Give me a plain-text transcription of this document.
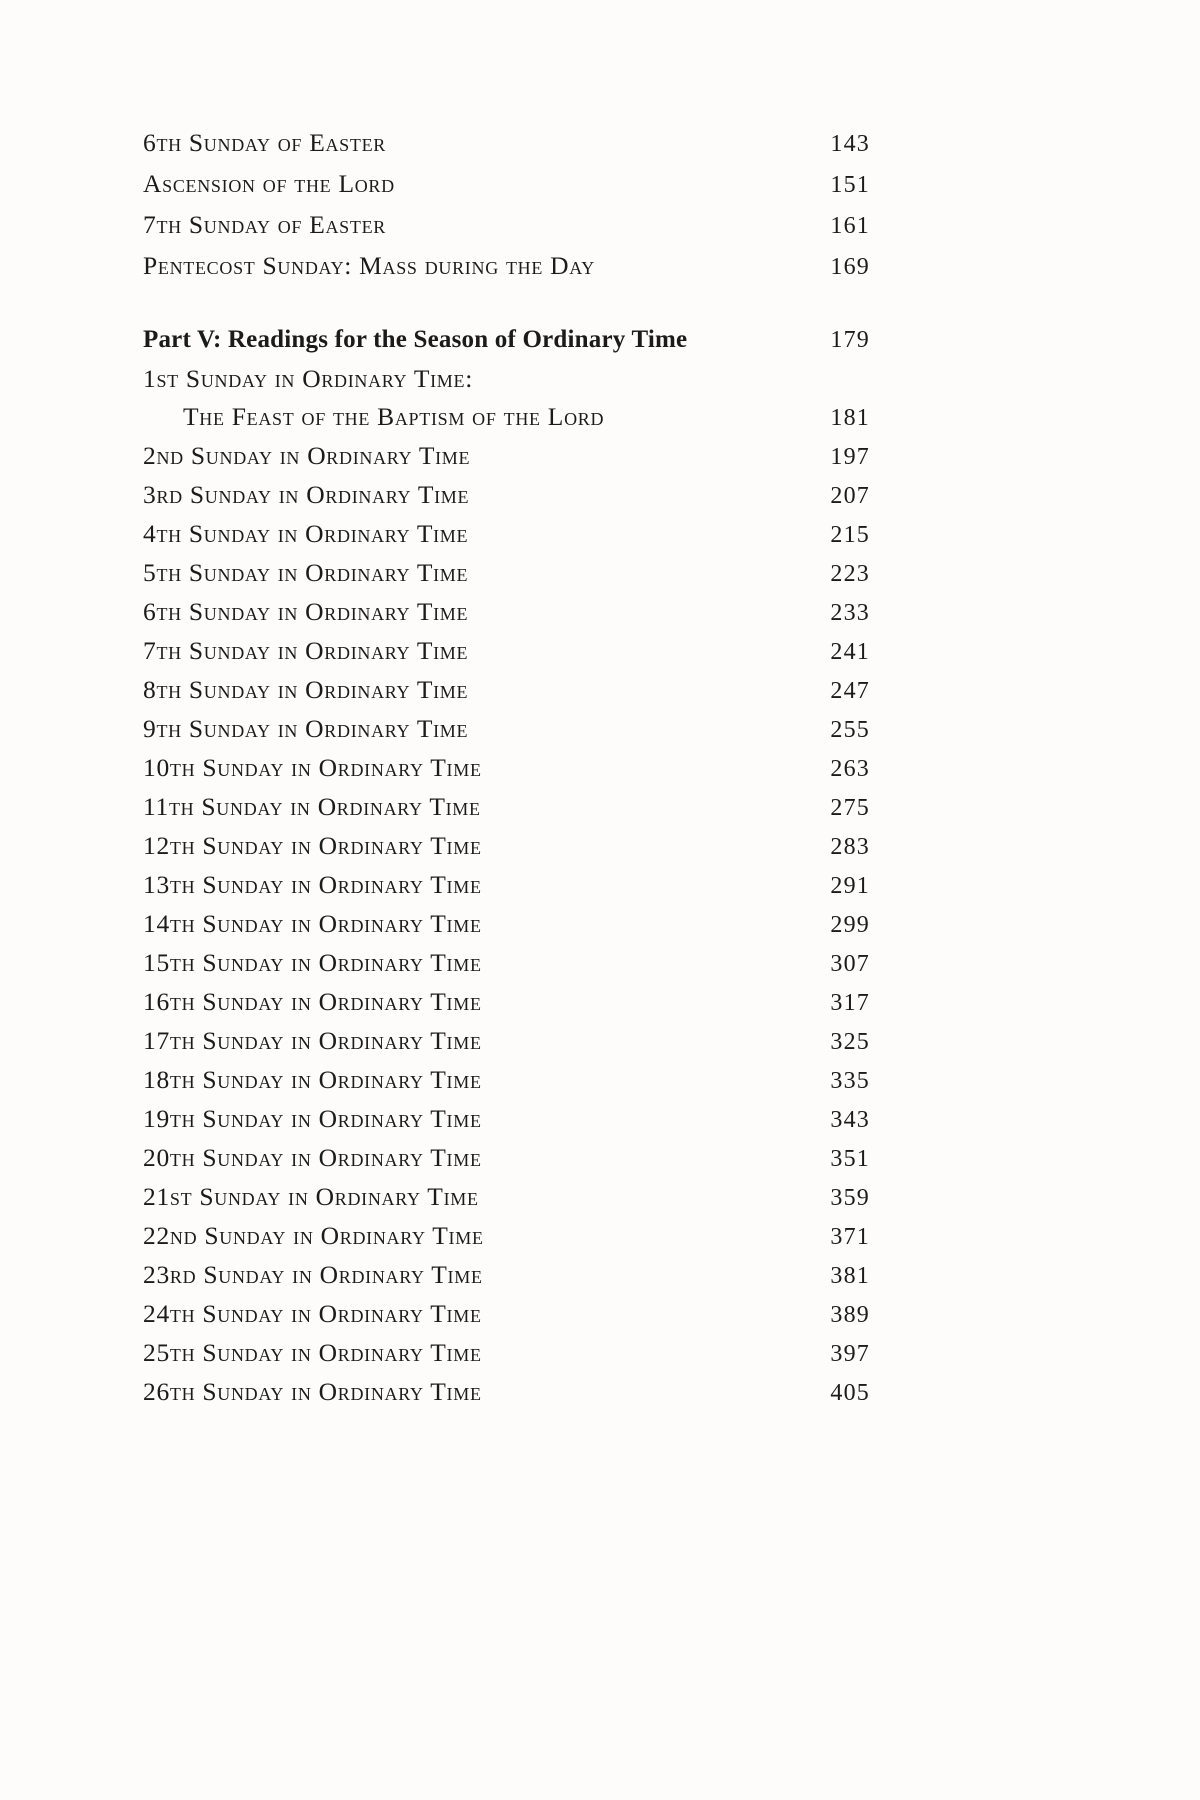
6th Sunday of Easter	143
Ascension of the Lord	151
7th Sunday of Easter	161
Pentecost Sunday: Mass during the Day	169
Part V: Readings for the Season of Ordinary Time	179
1st Sunday in Ordinary Time:
The Feast of the Baptism of the Lord	181
2nd Sunday in Ordinary Time	197
3rd Sunday in Ordinary Time	207
4th Sunday in Ordinary Time	215
5th Sunday in Ordinary Time	223
6th Sunday in Ordinary Time	233
7th Sunday in Ordinary Time	241
8th Sunday in Ordinary Time	247
9th Sunday in Ordinary Time	255
10th Sunday in Ordinary Time	263
11th Sunday in Ordinary Time	275
12th Sunday in Ordinary Time	283
13th Sunday in Ordinary Time	291
14th Sunday in Ordinary Time	299
15th Sunday in Ordinary Time	307
16th Sunday in Ordinary Time	317
17th Sunday in Ordinary Time	325
18th Sunday in Ordinary Time	335
19th Sunday in Ordinary Time	343
20th Sunday in Ordinary Time	351
21st Sunday in Ordinary Time	359
22nd Sunday in Ordinary Time	371
23rd Sunday in Ordinary Time	381
24th Sunday in Ordinary Time	389
25th Sunday in Ordinary Time	397
26th Sunday in Ordinary Time	405
